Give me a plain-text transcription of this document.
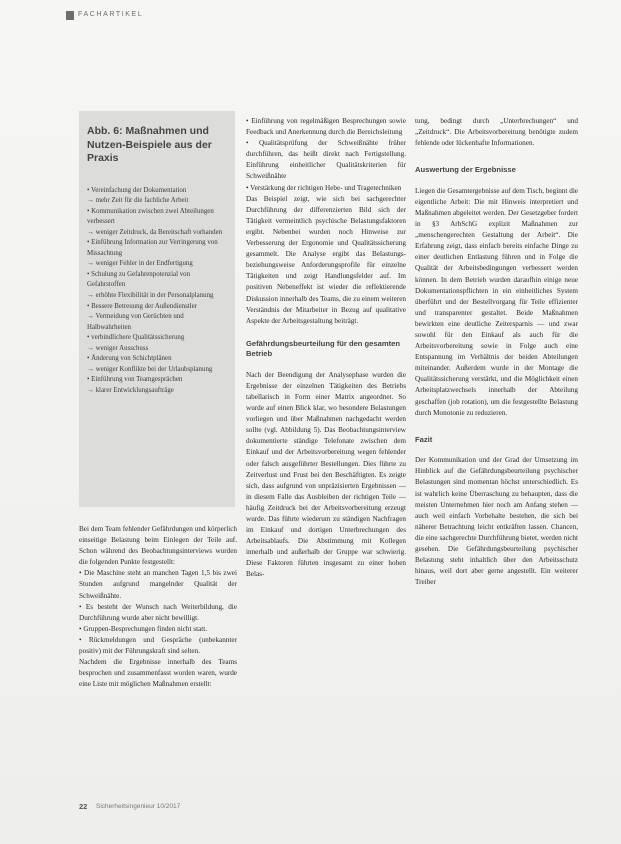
FACHARTIKEL
Abb. 6: Maßnahmen und Nutzen-Beispiele aus der Praxis
• Vereinfachung der Dokumentation
→ mehr Zeit für die fachliche Arbeit
• Kommunikation zwischen zwei Abteilungen verbessert
→ weniger Zeitdruck, da Bereitschaft vorhanden
• Einführung Information zur Verringerung von Missachtung
→ weniger Fehler in der Endfertigung
• Schulung zu Gefahrenpotenzial von Gefahrstoffen
→ erhöhte Flexibilität in der Personalplanung
• Bessere Betreuung der Außendienstler
→ Vermeidung von Gerüchten und Halbwahrheiten
• verbindlichere Qualitätssicherung
→ weniger Ausschuss
• Änderung von Schichtplänen
→ weniger Konflikte bei der Urlaubsplanung
• Einführung von Teamgesprächen
→ klarer Entwicklungsaufträge

Bei dem Team fehlender Gefährdungen und körperlich einseitige Belastung beim Einlegen der Teile auf. Schon während des Beobachtungsinterviews wurden die folgenden Punkte festgestellt:

• Die Maschine steht an manchen Tagen 1,5 bis zwei Stunden aufgrund mangelnder Qualität der Schweißnähte.

• Es besteht der Wunsch nach Weiterbildung, die Durchführung wurde aber nicht bewilligt.

• Gruppen-Besprechungen finden nicht statt.

• Rückmeldungen und Gespräche (unbekannter positiv) mit der Führungskraft sind selten.

Nachdem die Ergebnisse innerhalb des Teams besprochen und zusammenfasst worden waren, wurde eine Liste mit möglichen Maßnahmen erstellt:

• Einführung von regelmäßigen Besprechungen sowie Feedback und Anerkennung durch die Bereichsleitung

• Qualitätsprüfung der Schweißnähte früher durchführen, das heißt direkt nach Fertigstellung. Einführung einheitlicher Qualitätskriterien für Schweißnähte

• Verstärkung der richtigen Hebe- und Tragetechniken

Das Beispiel zeigt, wie sich bei sachgerechter Durchführung der differenzierten Bild sich der Tätigkeit vermeintlich psychische Belastungsfaktoren ergibt. Nebenbei wurden noch Hinweise zur Verbesserung der Ergonomie und Qualitätssicherung gesammelt. Die Analyse ergibt das Belastungs- beziehungsweise Anforderungsprofile für einzelne Tätigkeiten und zeigt Handlungsfelder auf. Im positiven Nebeneffekt ist wieder die reflektierende Diskussion innerhalb des Teams, die zu einem weiteren Verständnis der Mitarbeiter in Bezug auf qualitative Aspekte der Arbeitsgestaltung beiträgt.

Gefährdungsbeurteilung für den gesamten Betrieb

Nach der Beendigung der Analysephase wurden die Ergebnisse der einzelnen Tätigkeiten des Betriebs tabellarisch in Form einer Matrix angeordnet. So wurde auf einen Blick klar, wo besondere Belastungen vorliegen und über Maßnahmen nachgedacht werden sollte (vgl. Abbildung 5). Das Beobachtungsinterview dokumentierte ständige Telefonate zwischen dem Einkauf und der Arbeitsvorbereitung wegen fehlender oder falsch ausgeführter Bestellungen. Dies führte zu Zeitverlust und Frust bei den Beschäftigten. Es zeigte sich, dass aufgrund von unpräzisierten Ergebnissen — in diesem Falle das Ausbleiben der richtigen Teile — häufig Zeitdruck bei der Arbeitsvorbereitung erzeugt wurde. Das führte wiederum zu ständigen Nachfragen im Einkauf und dortigen Unterbrechungen des Arbeitsablaufs. Die Abstimmung mit Kollegen innerhalb und außerhalb der Gruppe war schwierig. Diese Faktoren führten insgesamt zu einer hohen Belas-

tung, bedingt durch „Unterbrechungen“ und „Zeitdruck“. Die Arbeitsvorbereitung benötigte zudem fehlende oder lückenhafte Informationen.

Auswertung der Ergebnisse

Liegen die Gesamtergebnisse auf dem Tisch, beginnt die eigentliche Arbeit: Die mit Hinweis interpretiert und Maßnahmen abgeleitet werden. Der Gesetzgeber fordert in §3 ArbSchG explizit Maßnahmen zur „menschengerechten Gestaltung der Arbeit“. Die Erfahrung zeigt, dass einfach bereits einfache Dinge zu einer deutlichen Entlastung führen und in Folge die Qualität der Arbeitsbedingungen verbessert werden können. In dem Betrieb wurden daraufhin einige neue Dokumentationspflichten in ein einheitliches System überführt und der Bestellvorgang für Teile effizienter und transparenter gestaltet. Beide Maßnahmen bewirkten eine deutliche Zeitersparnis — und zwar sowohl für den Einkauf als auch für die Arbeitsvorbereitung sowie in Folge auch eine Entspannung im Verhältnis der beiden Abteilungen miteinander. Außerdem wurde in der Montage die Qualitätssicherung verstärkt, und die Möglichkeit einen Arbeitsplatzwechsels innerhalb der Abteilung geschaffen (job rotation), um die festgestellte Belastung durch Monotonie zu reduzieren.

Fazit

Der Kommunikation und der Grad der Umsetzung im Hinblick auf die Gefährdungsbeurteilung psychischer Belastungen sind momentan höchst unterschiedlich. Es ist wahrlich keine Überraschung zu behaupten, dass die meisten Unternehmen hier noch am Anfang stehen — auch weil einfach Vorbehalte bestehen, die sich bei näherer Betrachtung leicht entkräften lassen. Chancen, die eine sachgerechte Durchführung bietet, werden nicht gesehen. Die Gefährdungsbeurteilung psychischer Belastung steht inhaltlich über den Arbeitsschutz hinaus, weil dort aber gerne angestellt. Ein weiterer Treiber

22 Sicherheitsingenieur 10/2017
